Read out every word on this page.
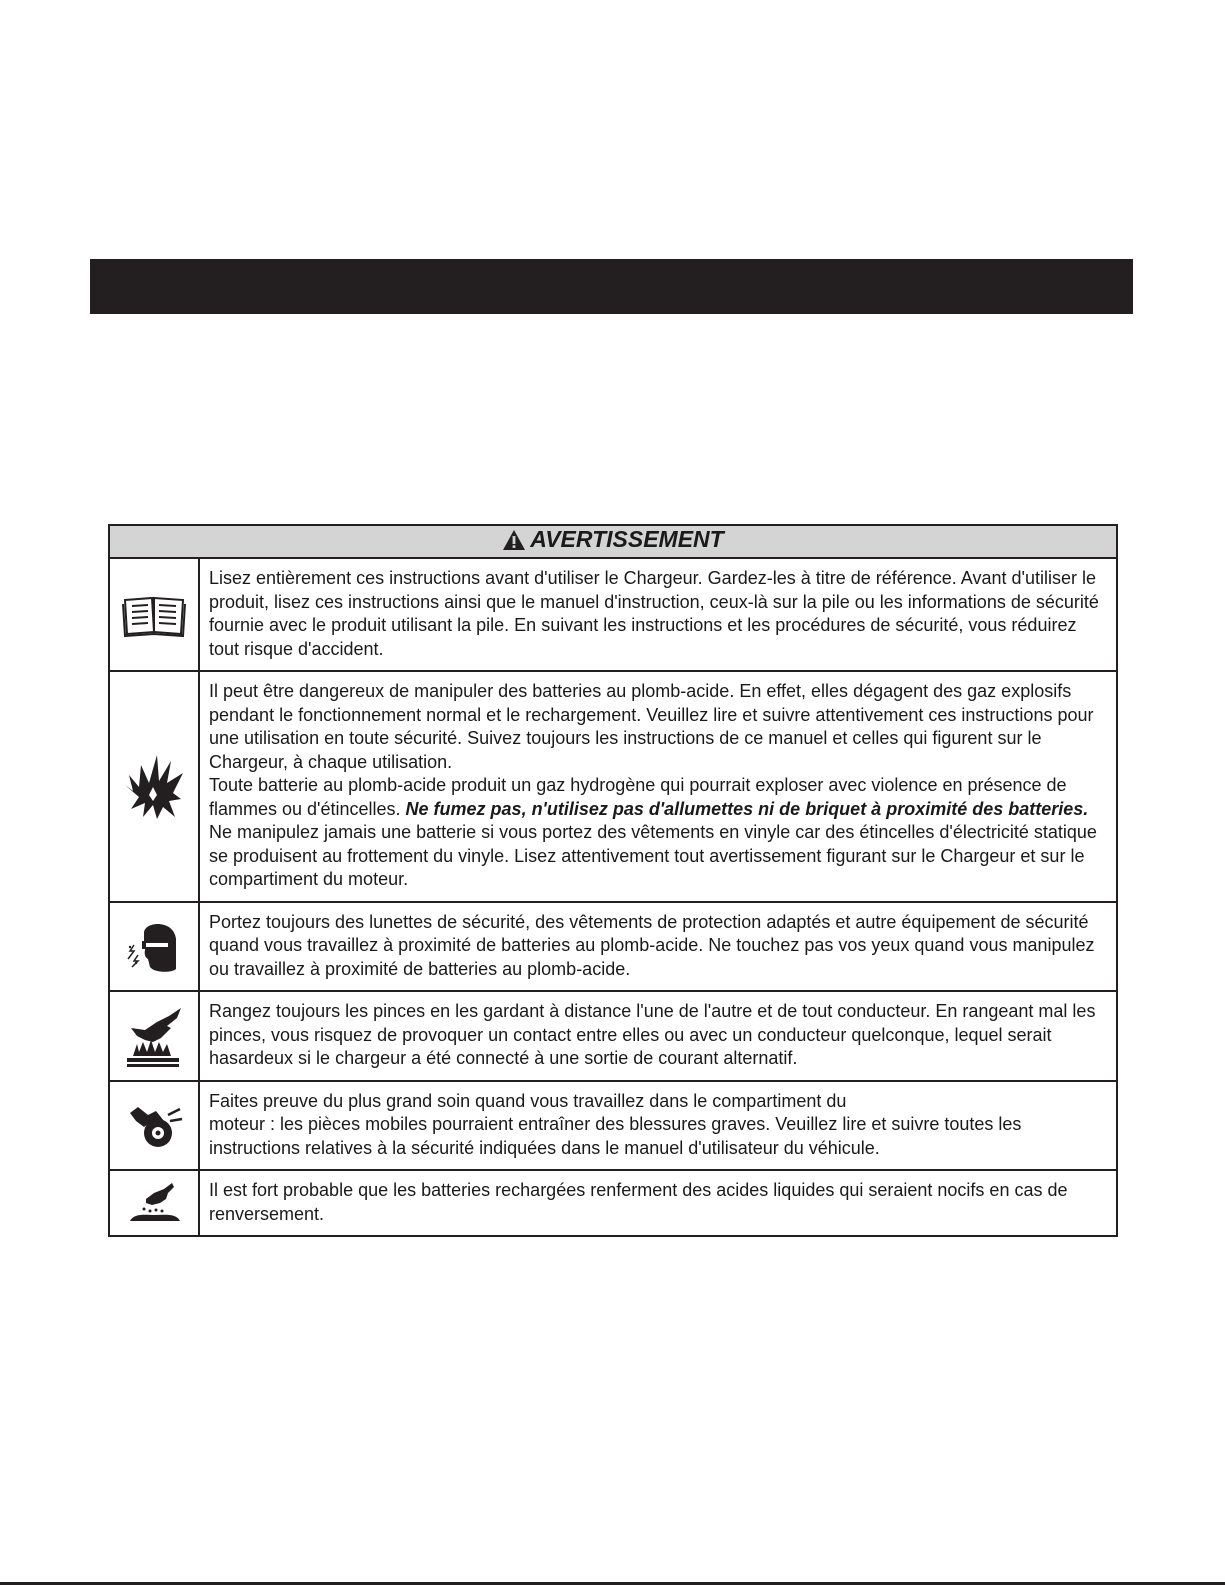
AVERTISSEMENT	

	Lisez entièrement ces instructions avant d'utiliser le Chargeur. Gardez-les à titre de référence. Avant d'utiliser le produit, lisez ces instructions ainsi que le manuel d'instruction, ceux-là sur la pile ou les informations de sécurité fournie avec le produit utilisant la pile. En suivant les instructions et les procédures de sécurité, vous réduirez tout risque d'accident.

	Il peut être dangereux de manipuler des batteries au plomb-acide. En effet, elles dégagent des gaz explosifs pendant le fonctionnement normal et le rechargement. Veuillez lire et suivre attentivement ces instructions pour une utilisation en toute sécurité. Suivez toujours les instructions de ce manuel et celles qui figurent sur le Chargeur, à chaque utilisation.
Toute batterie au plomb-acide produit un gaz hydrogène qui pourrait exploser avec violence en présence de flammes ou d'étincelles. Ne fumez pas, n'utilisez pas d'allumettes ni de briquet à proximité des batteries. Ne manipulez jamais une batterie si vous portez des vêtements en vinyle car des étincelles d'électricité statique se produisent au frottement du vinyle. Lisez attentivement tout avertissement figurant sur le Chargeur et sur le compartiment du moteur.

	Portez toujours des lunettes de sécurité, des vêtements de protection adaptés et autre équipement de sécurité quand vous travaillez à proximité de batteries au plomb-acide. Ne touchez pas vos yeux quand vous manipulez ou travaillez à proximité de batteries au plomb-acide.

	Rangez toujours les pinces en les gardant à distance l'une de l'autre et de tout conducteur. En rangeant mal les pinces, vous risquez de provoquer un contact entre elles ou avec un conducteur quelconque, lequel serait hasardeux si le chargeur a été connecté à une sortie de courant alternatif.

	Faites preuve du plus grand soin quand vous travaillez dans le compartiment du
moteur : les pièces mobiles pourraient entraîner des blessures graves. Veuillez lire et suivre toutes les instructions relatives à la sécurité indiquées dans le manuel d'utilisateur du véhicule.

	Il est fort probable que les batteries rechargées renferment des acides liquides qui seraient nocifs en cas de renversement.
